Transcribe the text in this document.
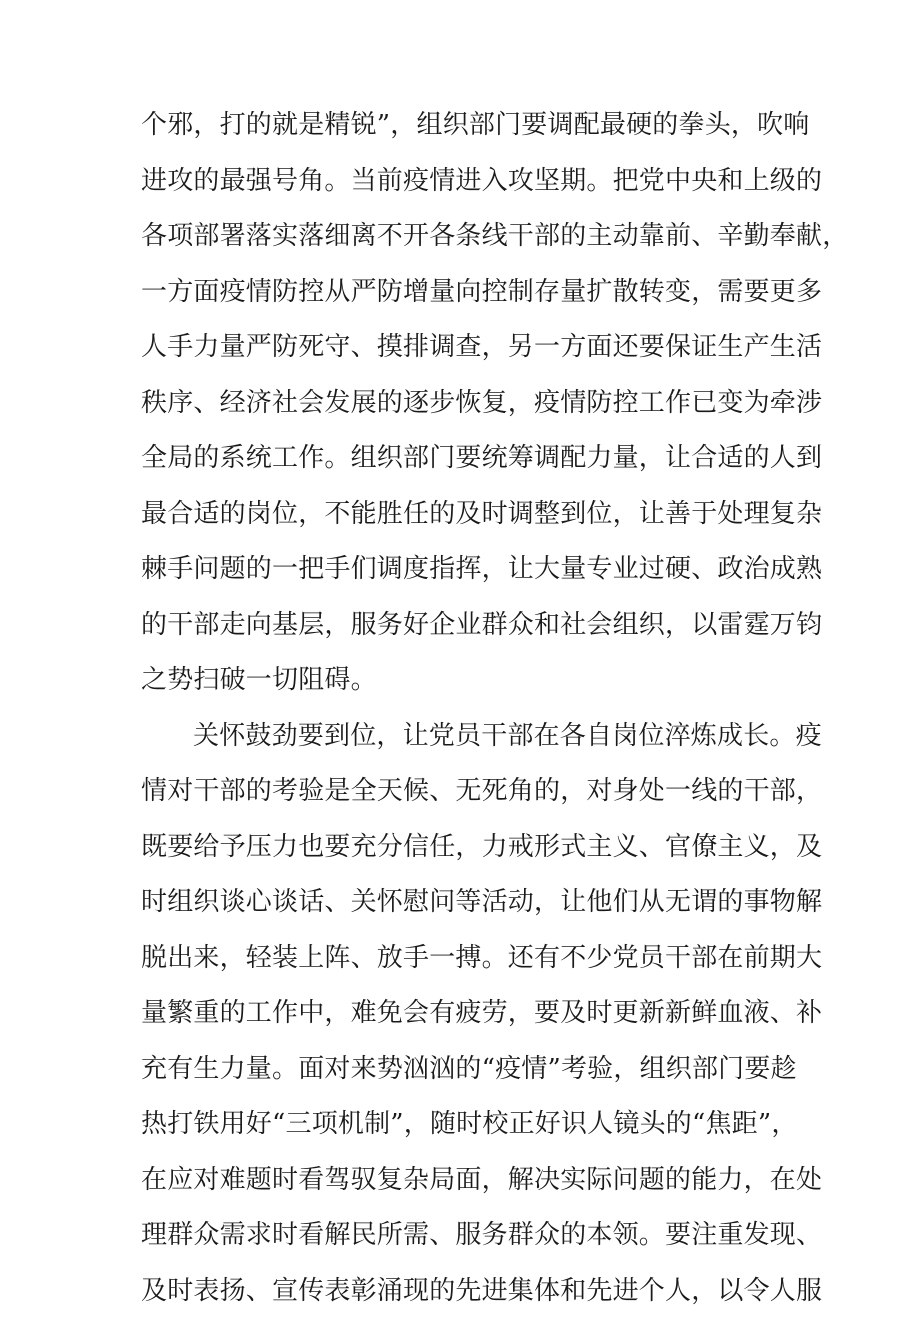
个邪，打的就是精锐”，组织部门要调配最硬的拳头，吹响
进攻的最强号角。当前疫情进入攻坚期。把党中央和上级的
各项部署落实落细离不开各条线干部的主动靠前、辛勤奉献，
一方面疫情防控从严防增量向控制存量扩散转变，需要更多
人手力量严防死守、摸排调查，另一方面还要保证生产生活
秩序、经济社会发展的逐步恢复，疫情防控工作已变为牵涉
全局的系统工作。组织部门要统筹调配力量，让合适的人到
最合适的岗位，不能胜任的及时调整到位，让善于处理复杂
棘手问题的一把手们调度指挥，让大量专业过硬、政治成熟
的干部走向基层，服务好企业群众和社会组织，以雷霆万钧
之势扫破一切阻碍。
关怀鼓劲要到位，让党员干部在各自岗位淬炼成长。疫
情对干部的考验是全天候、无死角的，对身处一线的干部，
既要给予压力也要充分信任，力戒形式主义、官僚主义，及
时组织谈心谈话、关怀慰问等活动，让他们从无谓的事物解
脱出来，轻装上阵、放手一搏。还有不少党员干部在前期大
量繁重的工作中，难免会有疲劳，要及时更新新鲜血液、补
充有生力量。面对来势汹汹的“疫情”考验，组织部门要趁
热打铁用好“三项机制”，随时校正好识人镜头的“焦距”，
在应对难题时看驾驭复杂局面，解决实际问题的能力，在处
理群众需求时看解民所需、服务群众的本领。要注重发现、
及时表扬、宣传表彰涌现的先进集体和先进个人，以令人服
